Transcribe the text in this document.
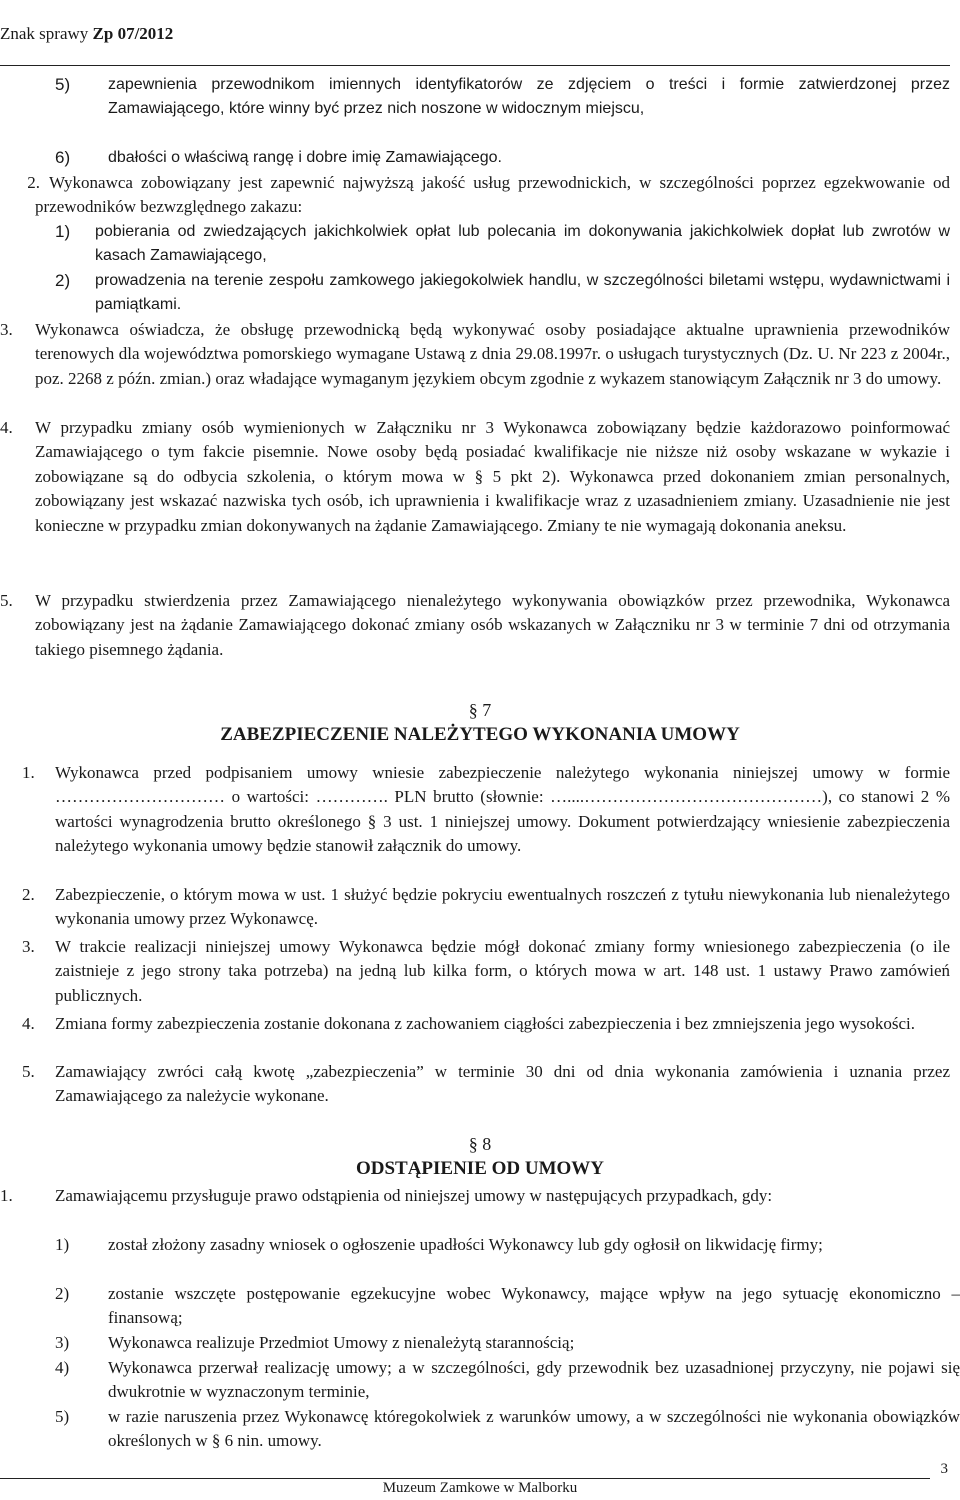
Znak sprawy Zp 07/2012
5) zapewnienia przewodnikom imiennych identyfikatorów ze zdjęciem o treści i formie zatwierdzonej przez Zamawiającego, które winny być przez nich noszone w widocznym miejscu,

6) dbałości o właściwą rangę i dobre imię Zamawiającego.

2. Wykonawca zobowiązany jest zapewnić najwyższą jakość usług przewodnickich, w szczególności poprzez egzekwowanie od przewodników bezwzględnego zakazu:

1) pobierania od zwiedzających jakichkolwiek opłat lub polecania im dokonywania jakichkolwiek dopłat lub zwrotów w kasach Zamawiającego,

2) prowadzenia na terenie zespołu zamkowego jakiegokolwiek handlu, w szczególności biletami wstępu, wydawnictwami i pamiątkami.

3. Wykonawca oświadcza, że obsługę przewodnicką będą wykonywać osoby posiadające aktualne uprawnienia przewodników terenowych dla województwa pomorskiego wymagane Ustawą z dnia 29.08.1997r. o usługach turystycznych (Dz. U. Nr 223 z 2004r., poz. 2268 z późn. zmian.) oraz władające wymaganym językiem obcym zgodnie z wykazem stanowiącym Załącznik nr 3 do umowy.

4. W przypadku zmiany osób wymienionych w Załączniku nr 3 Wykonawca zobowiązany będzie każdorazowo poinformować Zamawiającego o tym fakcie pisemnie. Nowe osoby będą posiadać kwalifikacje nie niższe niż osoby wskazane w wykazie i zobowiązane są do odbycia szkolenia, o którym mowa w § 5 pkt 2). Wykonawca przed dokonaniem zmian personalnych, zobowiązany jest wskazać nazwiska tych osób, ich uprawnienia i kwalifikacje wraz z uzasadnieniem zmiany. Uzasadnienie nie jest konieczne w przypadku zmian dokonywanych na żądanie Zamawiającego. Zmiany te nie wymagają dokonania aneksu.

5. W przypadku stwierdzenia przez Zamawiającego nienależytego wykonywania obowiązków przez przewodnika, Wykonawca zobowiązany jest na żądanie Zamawiającego dokonać zmiany osób wskazanych w Załączniku nr 3 w terminie 7 dni od otrzymania takiego pisemnego żądania.

§ 7
ZABEZPIECZENIE NALEŻYTEGO WYKONANIA UMOWY
1. Wykonawca przed podpisaniem umowy wniesie zabezpieczenie należytego wykonania niniejszej umowy w formie ………………………… o wartości: …………. PLN brutto (słownie: …....……………………………………), co stanowi 2 % wartości wynagrodzenia brutto określonego § 3 ust. 1 niniejszej umowy. Dokument potwierdzający wniesienie zabezpieczenia należytego wykonania umowy będzie stanowił załącznik do umowy.

2. Zabezpieczenie, o którym mowa w ust. 1 służyć będzie pokryciu ewentualnych roszczeń z tytułu niewykonania lub nienależytego wykonania umowy przez Wykonawcę.

3. W trakcie realizacji niniejszej umowy Wykonawca będzie mógł dokonać zmiany formy wniesionego zabezpieczenia (o ile zaistnieje z jego strony taka potrzeba) na jedną lub kilka form, o których mowa w art. 148 ust. 1 ustawy Prawo zamówień publicznych.

4. Zmiana formy zabezpieczenia zostanie dokonana z zachowaniem ciągłości zabezpieczenia i bez zmniejszenia jego wysokości.

5. Zamawiający zwróci całą kwotę „zabezpieczenia” w terminie 30 dni od dnia wykonania zamówienia i uznania przez Zamawiającego za należycie wykonane.

§ 8
ODSTĄPIENIE OD UMOWY
1. Zamawiającemu przysługuje prawo odstąpienia od niniejszej umowy w następujących przypadkach, gdy:

1) został złożony zasadny wniosek o ogłoszenie upadłości Wykonawcy lub gdy ogłosił on likwidację firmy;

2) zostanie wszczęte postępowanie egzekucyjne wobec Wykonawcy, mające wpływ na jego sytuację ekonomiczno – finansową;

3) Wykonawca realizuje Przedmiot Umowy z nienależytą starannością;

4) Wykonawca przerwał realizację umowy; a w szczególności, gdy przewodnik bez uzasadnionej przyczyny, nie pojawi się dwukrotnie w wyznaczonym terminie,

5) w razie naruszenia przez Wykonawcę któregokolwiek z warunków umowy, a w szczególności nie wykonania obowiązków określonych w § 6 nin. umowy.

3
Muzeum Zamkowe w Malborku
